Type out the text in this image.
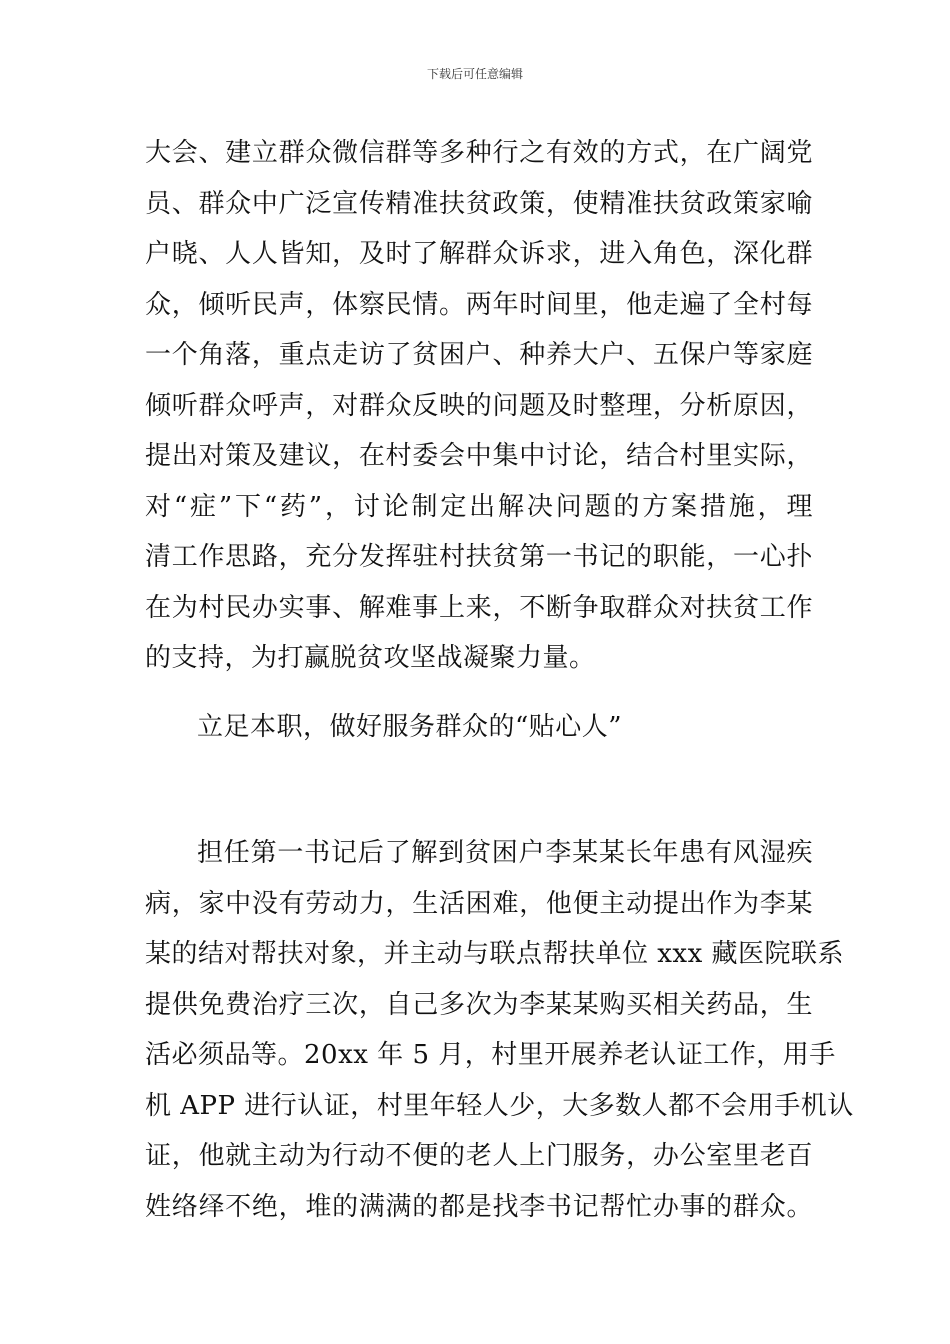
下载后可任意编辑
大会、建立群众微信群等多种行之有效的方式，在广阔党
员、群众中广泛宣传精准扶贫政策，使精准扶贫政策家喻
户晓、人人皆知，及时了解群众诉求，进入角色，深化群
众，倾听民声，体察民情。两年时间里，他走遍了全村每
一个角落，重点走访了贫困户、种养大户、五保户等家庭
倾听群众呼声，对群众反映的问题及时整理，分析原因，
提出对策及建议，在村委会中集中讨论，结合村里实际，
对“症”下“药”，讨论制定出解决问题的方案措施，理
清工作思路，充分发挥驻村扶贫第一书记的职能，一心扑
在为村民办实事、解难事上来，不断争取群众对扶贫工作
的支持，为打赢脱贫攻坚战凝聚力量。
立足本职，做好服务群众的“贴心人”
担任第一书记后了解到贫困户李某某长年患有风湿疾
病，家中没有劳动力，生活困难，他便主动提出作为李某
某的结对帮扶对象，并主动与联点帮扶单位 xxx 藏医院联系
提供免费治疗三次，自己多次为李某某购买相关药品，生
活必须品等。20xx 年 5 月，村里开展养老认证工作，用手
机 APP 进行认证，村里年轻人少，大多数人都不会用手机认
证，他就主动为行动不便的老人上门服务，办公室里老百
姓络绎不绝，堆的满满的都是找李书记帮忙办事的群众。
